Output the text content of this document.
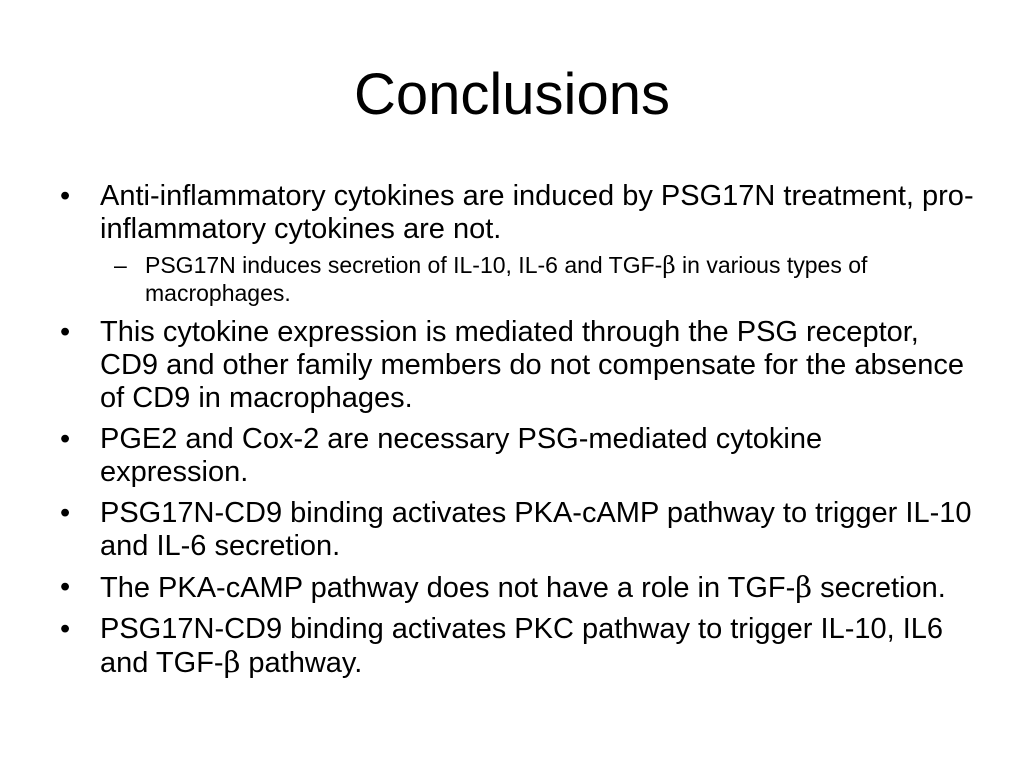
Conclusions
•	Anti-inflammatory cytokines are induced by PSG17N treatment, pro-inflammatory cytokines are not.
– PSG17N induces secretion of IL-10, IL-6 and TGF-β in various types of macrophages.
•	This cytokine expression is mediated through the PSG receptor, CD9 and other family members do not compensate for the absence of CD9 in macrophages.
•	PGE2 and Cox-2 are necessary PSG-mediated cytokine expression.
•	PSG17N-CD9 binding activates PKA-cAMP pathway to trigger IL-10 and IL-6 secretion.
•	The PKA-cAMP pathway does not have a role in TGF-β secretion.
•	PSG17N-CD9 binding activates PKC pathway to trigger IL-10, IL6 and TGF-β pathway.
